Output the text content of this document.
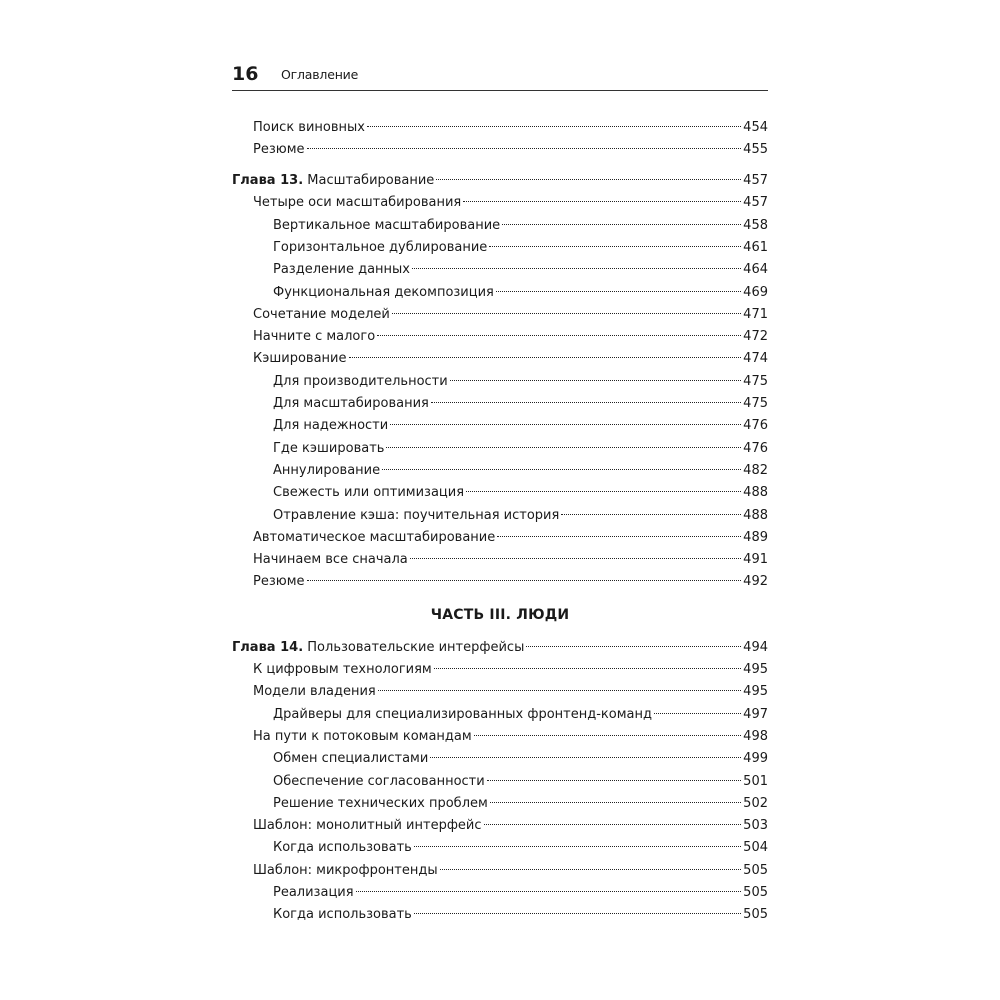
16 Оглавление
Поиск виновных	454
Резюме	455
Глава 13. Масштабирование	457
Четыре оси масштабирования	457
Вертикальное масштабирование	458
Горизонтальное дублирование	461
Разделение данных	464
Функциональная декомпозиция	469
Сочетание моделей	471
Начните с малого	472
Кэширование	474
Для производительности	475
Для масштабирования	475
Для надежности	476
Где кэшировать	476
Аннулирование	482
Свежесть или оптимизация	488
Отравление кэша: поучительная история	488
Автоматическое масштабирование	489
Начинаем все сначала	491
Резюме	492
ЧАСТЬ III. ЛЮДИ
Глава 14. Пользовательские интерфейсы	494
К цифровым технологиям	495
Модели владения	495
Драйверы для специализированных фронтенд-команд	497
На пути к потоковым командам	498
Обмен специалистами	499
Обеспечение согласованности	501
Решение технических проблем	502
Шаблон: монолитный интерфейс	503
Когда использовать	504
Шаблон: микрофронтенды	505
Реализация	505
Когда использовать	505
